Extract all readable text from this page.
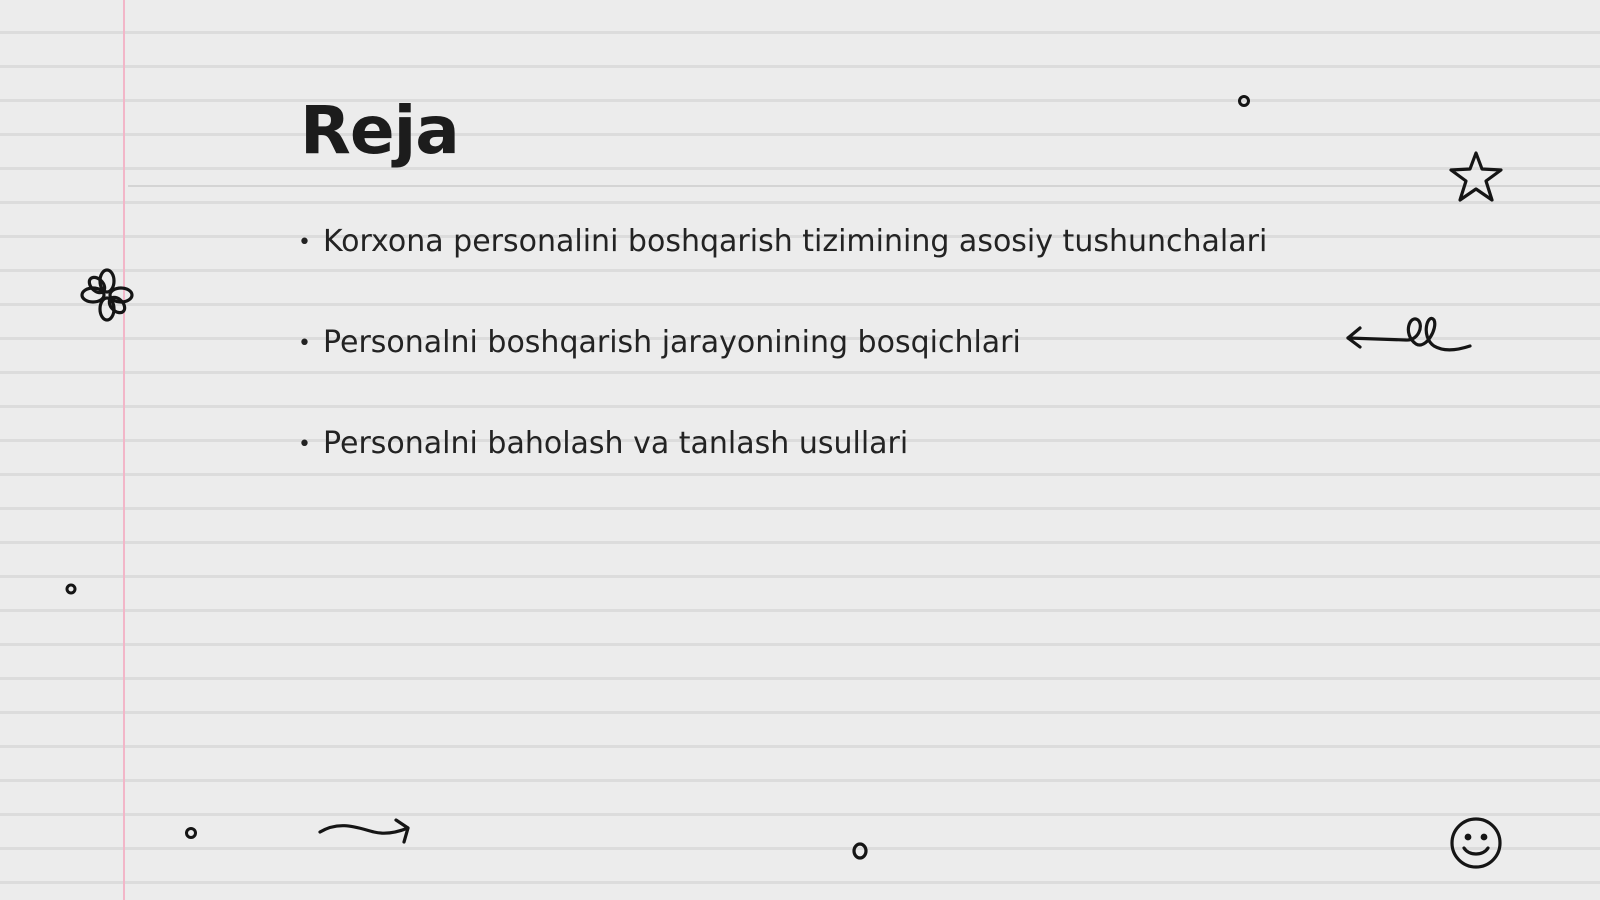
Reja
• Korxona personalini boshqarish tizimining asosiy tushunchalari
• Personalni boshqarish jarayonining bosqichlari
• Personalni baholash va tanlash usullari
